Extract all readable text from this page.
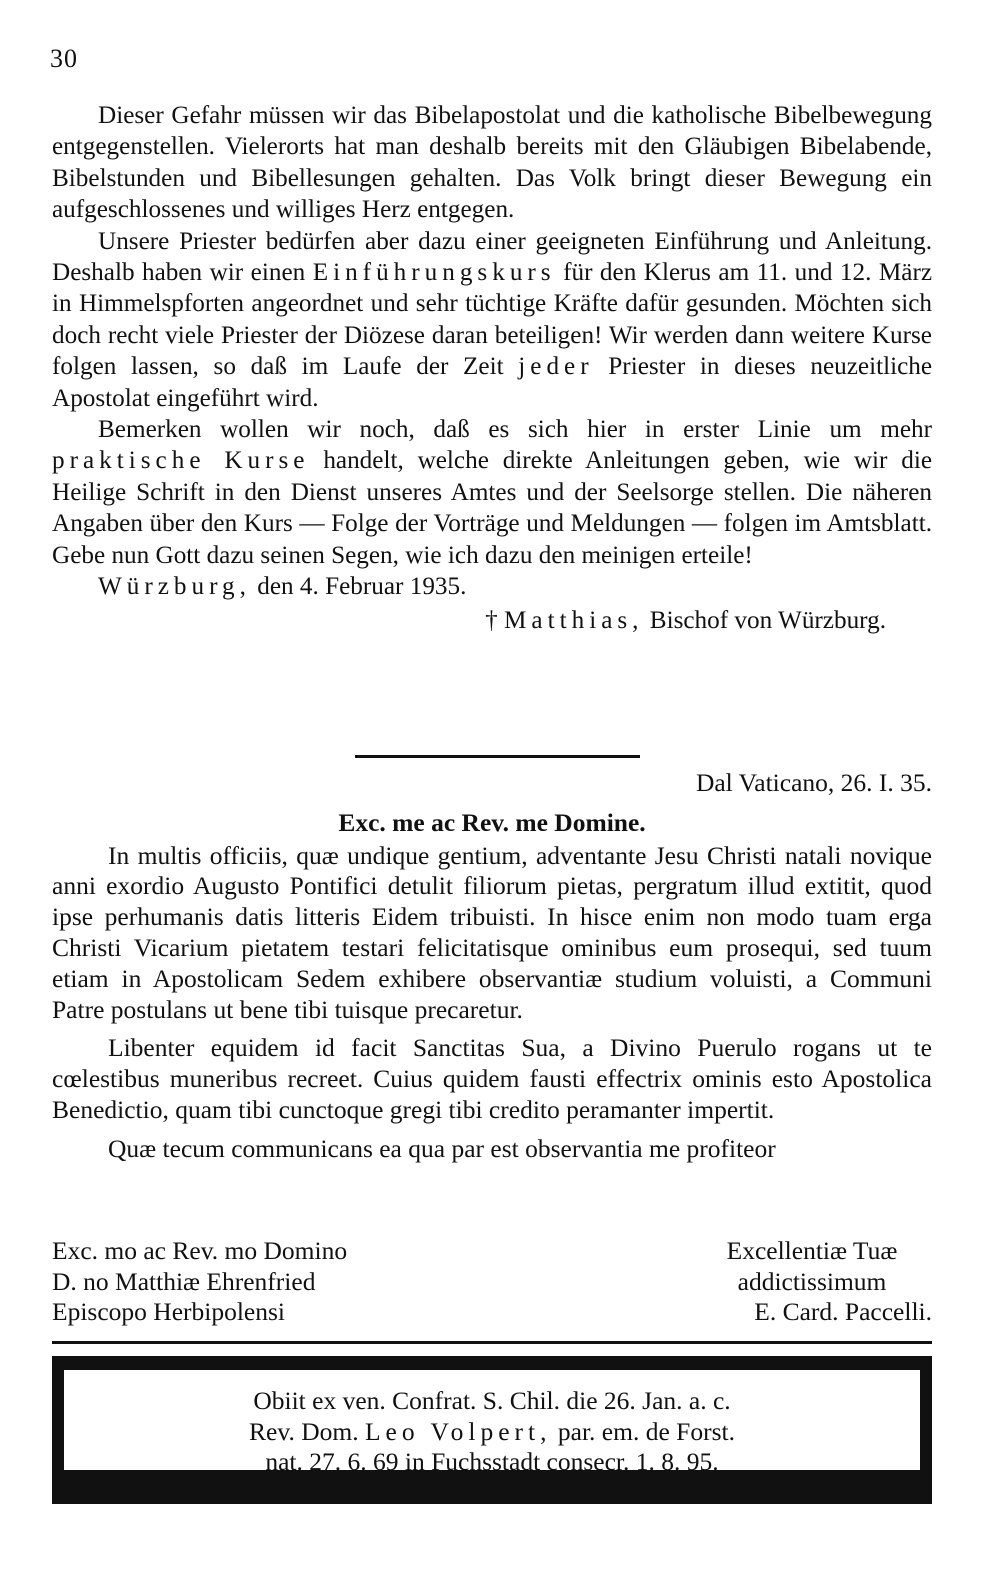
30

Dieser Gefahr müssen wir das Bibelapostolat und die katholische Bibelbewegung entgegenstellen. Vielerorts hat man deshalb bereits mit den Gläubigen Bibelabende, Bibelstunden und Bibellesungen gehalten. Das Volk bringt dieser Bewegung ein aufgeschlossenes und williges Herz entgegen.

Unsere Priester bedürfen aber dazu einer geeigneten Einführung und Anleitung. Deshalb haben wir einen Einführungskurs für den Klerus am 11. und 12. März in Himmelspforten angeordnet und sehr tüchtige Kräfte dafür gesunden. Möchten sich doch recht viele Priester der Diözese daran beteiligen! Wir werden dann weitere Kurse folgen lassen, so daß im Laufe der Zeit jeder Priester in dieses neuzeitliche Apostolat eingeführt wird.

Bemerken wollen wir noch, daß es sich hier in erster Linie um mehr praktische Kurse handelt, welche direkte Anleitungen geben, wie wir die Heilige Schrift in den Dienst unseres Amtes und der Seelsorge stellen. Die näheren Angaben über den Kurs — Folge der Vorträge und Meldungen — folgen im Amtsblatt. Gebe nun Gott dazu seinen Segen, wie ich dazu den meinigen erteile!

Würzburg, den 4. Februar 1935.
† Matthias, Bischof von Würzburg.

Dal Vaticano, 26. I. 35.

Exc. me ac Rev. me Domine.

In multis officiis, quæ undique gentium, adventante Jesu Christi natali novique anni exordio Augusto Pontifici detulit filiorum pietas, pergratum illud extitit, quod ipse perhumanis datis litteris Eidem tribuisti. In hisce enim non modo tuam erga Christi Vicarium pietatem testari felicitatisque ominibus eum prosequi, sed tuum etiam in Apostolicam Sedem exhibere observantiæ studium voluisti, a Communi Patre postulans ut bene tibi tuisque precaretur.

Libenter equidem id facit Sanctitas Sua, a Divino Puerulo rogans ut te cœlestibus muneribus recreet. Cuius quidem fausti effectrix ominis esto Apostolica Benedictio, quam tibi cunctoque gregi tibi credito peramanter impertit.

Quæ tecum communicans ea qua par est observantia me profiteor

Exc. mo ac Rev. mo Domino	Excellentiæ Tuæ
D. no Matthiæ Ehrenfried	addictissimum
Episcopo Herbipolensi	E. Card. Paccelli.
Obiit ex ven. Confrat. S. Chil. die 26. Jan. a. c.
Rev. Dom. Leo Volpert, par. em. de Forst.
nat. 27. 6. 69 in Fuchsstadt consecr. 1. 8. 95.
